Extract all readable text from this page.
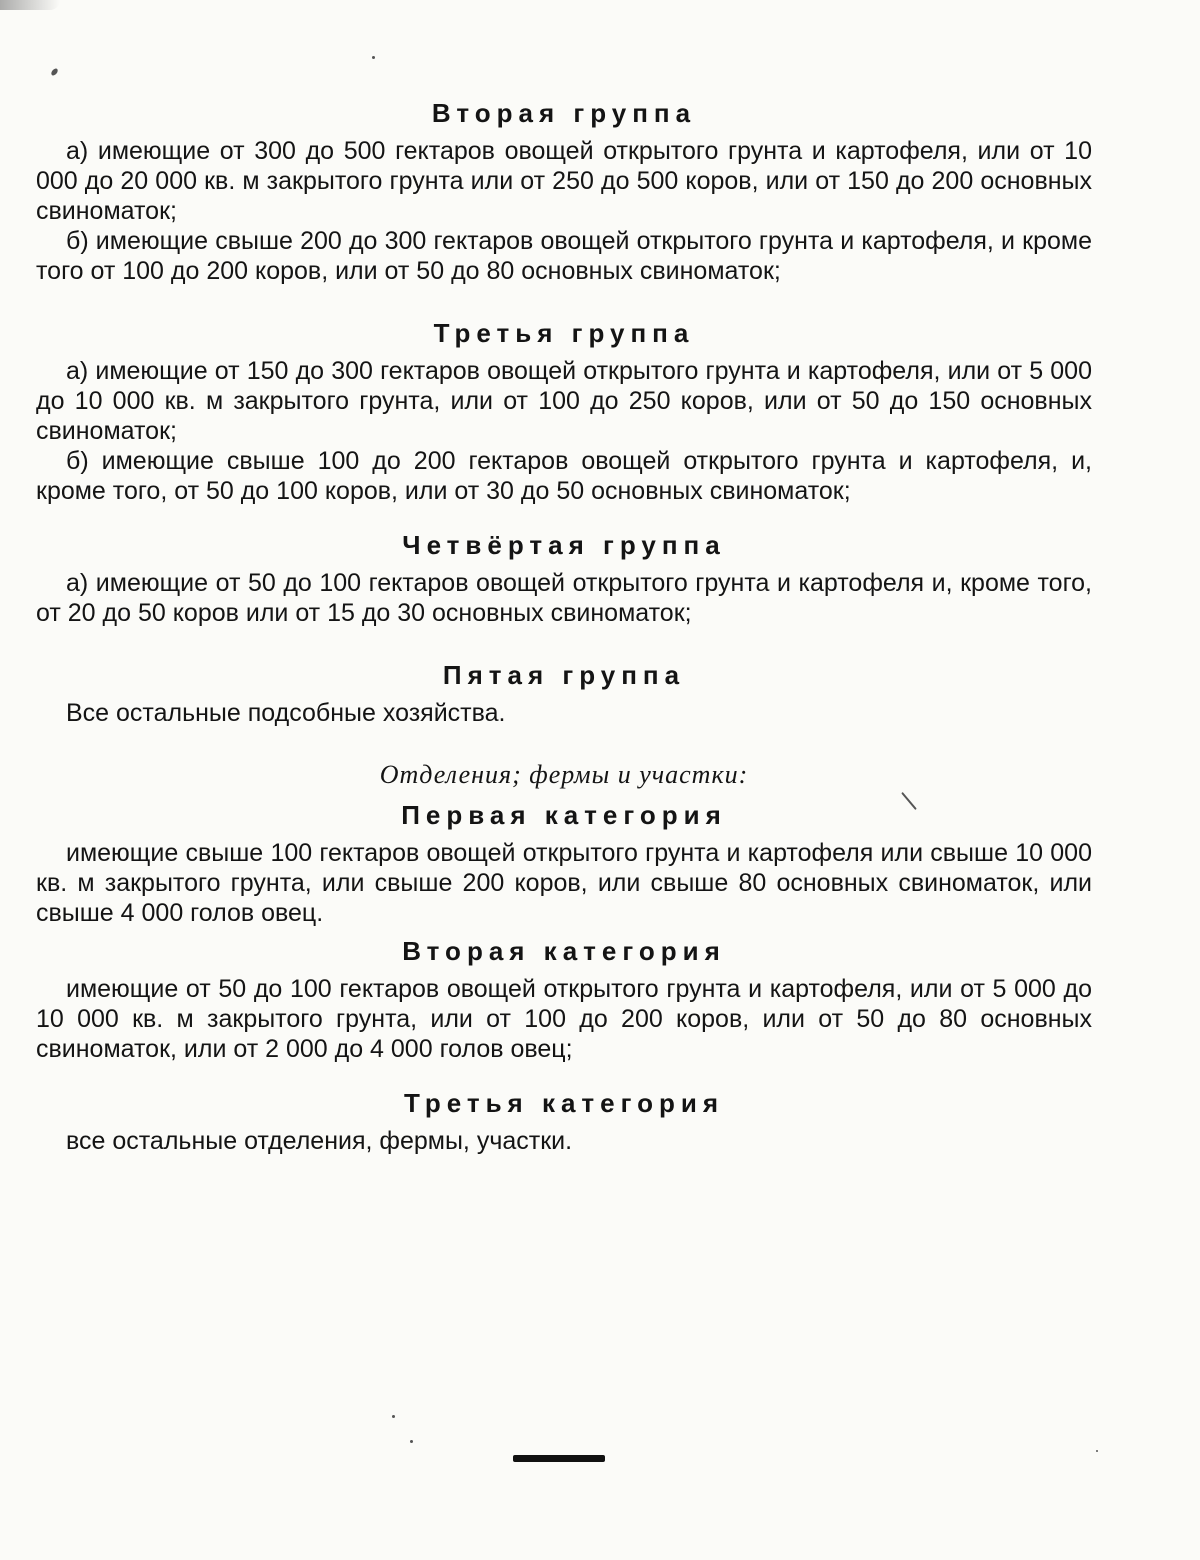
Вторая группа

а) имеющие от 300 до 500 гектаров овощей открытого грунта и картофеля, или от 10 000 до 20 000 кв. м закрытого грунта или от 250 до 500 коров, или от 150 до 200 основных свиноматок;

б) имеющие свыше 200 до 300 гектаров овощей открытого грунта и картофеля, и кроме того от 100 до 200 коров, или от 50 до 80 основных свиноматок;

Третья группа

а) имеющие от 150 до 300 гектаров овощей открытого грунта и картофеля, или от 5 000 до 10 000 кв. м закрытого грунта, или от 100 до 250 коров, или от 50 до 150 основных свиноматок;

б) имеющие свыше 100 до 200 гектаров овощей открытого грунта и картофеля, и, кроме того, от 50 до 100 коров, или от 30 до 50 основных свиноматок;

Четвёртая группа

а) имеющие от 50 до 100 гектаров овощей открытого грунта и картофеля и, кроме того, от 20 до 50 коров или от 15 до 30 основных свиноматок;

Пятая группа

Все остальные подсобные хозяйства.

Отделения; фермы и участки:
Первая категория

имеющие свыше 100 гектаров овощей открытого грунта и картофеля или свыше 10 000 кв. м закрытого грунта, или свыше 200 коров, или свыше 80 основных свиноматок, или свыше 4 000 голов овец.

Вторая категория

имеющие от 50 до 100 гектаров овощей открытого грунта и картофеля, или от 5 000 до 10 000 кв. м закрытого грунта, или от 100 до 200 коров, или от 50 до 80 основных свиноматок, или от 2 000 до 4 000 голов овец;

Третья категория

все остальные отделения, фермы, участки.
